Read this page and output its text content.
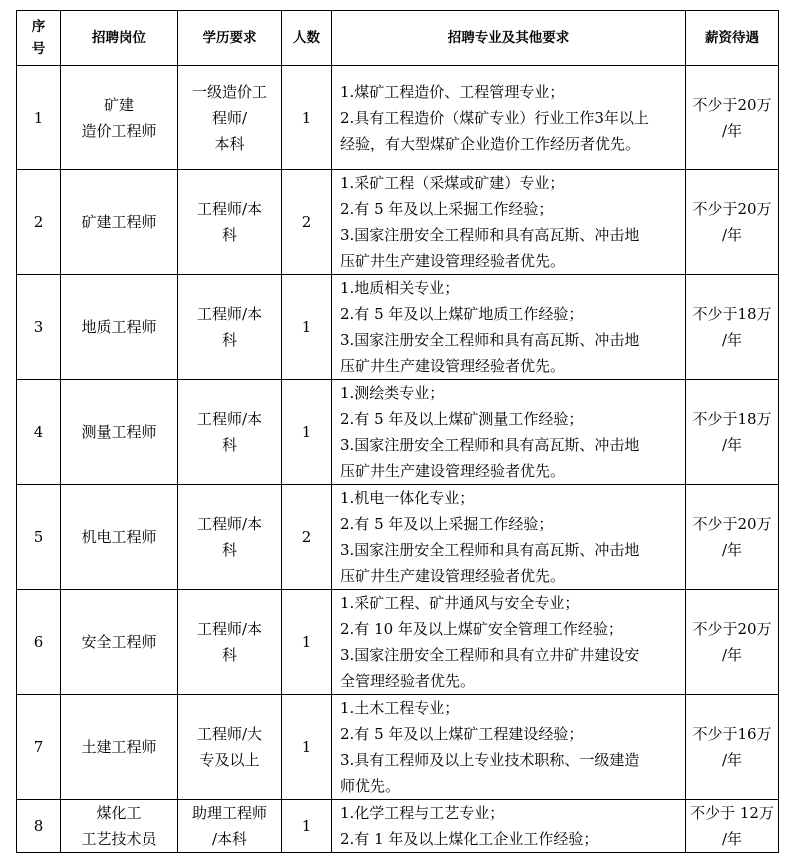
序
号	招聘岗位	学历要求	人数	招聘专业及其他要求	薪资待遇
1	矿建
造价工程师	一级造价工
程师/
本科	1	1.煤矿工程造价、工程管理专业；
2.具有工程造价（煤矿专业）行业工作3年以上
经验，有大型煤矿企业造价工作经历者优先。	不少于20万
/年
2	矿建工程师	工程师/本
科	2	1.采矿工程（采煤或矿建）专业；
2.有 5 年及以上采掘工作经验；
3.国家注册安全工程师和具有高瓦斯、冲击地
压矿井生产建设管理经验者优先。	不少于20万
/年
3	地质工程师	工程师/本
科	1	1.地质相关专业；
2.有 5 年及以上煤矿地质工作经验；
3.国家注册安全工程师和具有高瓦斯、冲击地
压矿井生产建设管理经验者优先。	不少于18万
/年
4	测量工程师	工程师/本
科	1	1.测绘类专业；
2.有 5 年及以上煤矿测量工作经验；
3.国家注册安全工程师和具有高瓦斯、冲击地
压矿井生产建设管理经验者优先。	不少于18万
/年
5	机电工程师	工程师/本
科	2	1.机电一体化专业；
2.有 5 年及以上采掘工作经验；
3.国家注册安全工程师和具有高瓦斯、冲击地
压矿井生产建设管理经验者优先。	不少于20万
/年
6	安全工程师	工程师/本
科	1	1.采矿工程、矿井通风与安全专业；
2.有 10 年及以上煤矿安全管理工作经验；
3.国家注册安全工程师和具有立井矿井建设安
全管理经验者优先。	不少于20万
/年
7	土建工程师	工程师/大
专及以上	1	1.土木工程专业；
2.有 5 年及以上煤矿工程建设经验；
3.具有工程师及以上专业技术职称、一级建造
师优先。	不少于16万
/年
8	煤化工
工艺技术员	助理工程师
/本科	1	1.化学工程与工艺专业；
2.有 1 年及以上煤化工企业工作经验；	不少于 12万
/年
